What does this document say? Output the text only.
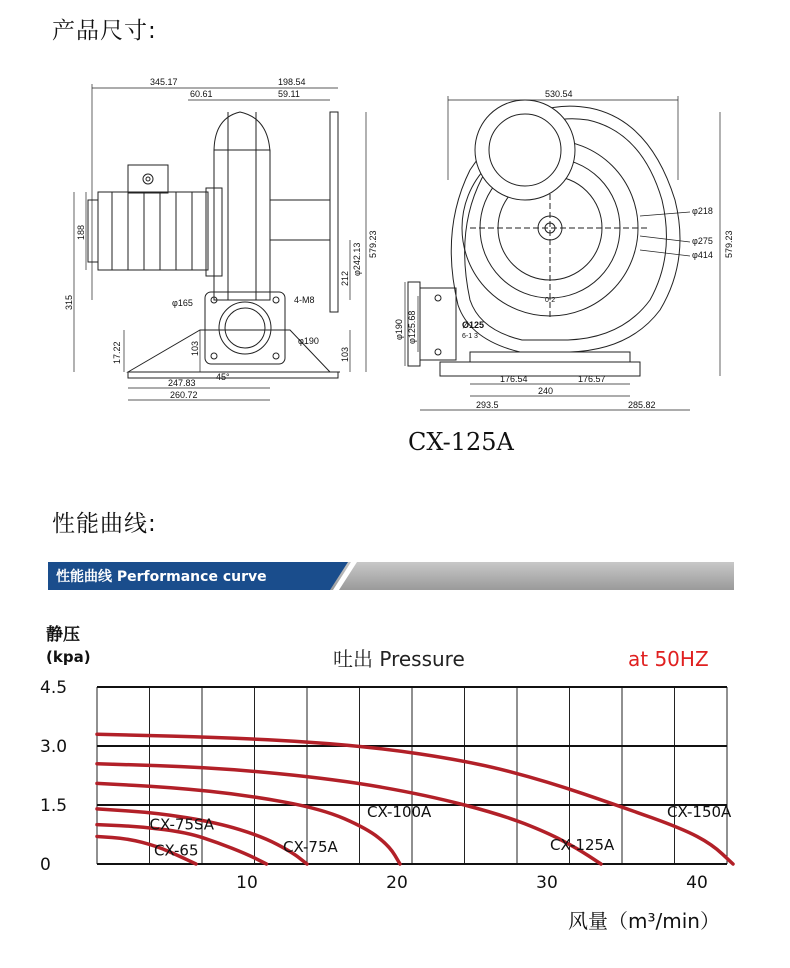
产品尺寸:
345.17	198.54
60.61	59.11
188
315
17.22
212
φ242.13 579.23
4-M8
φ165
φ190
103	103
45°
247.83
260.72
530.54
φ218
φ275
φ414 579.23
φ190 φ125.68	Ø125
6-1 3
0-2
176.54	176.57
240
293.5	285.82
CX-125A
性能曲线:
性能曲线 Performance curve
静压
(kpa)	吐出 Pressure	at 50HZ
风量（m³/min）
0
1.5
3.0
4.5
10	20	30	40
CX-75SA
CX-65	CX-75A
CX-100A
CX-125A
CX-150A
